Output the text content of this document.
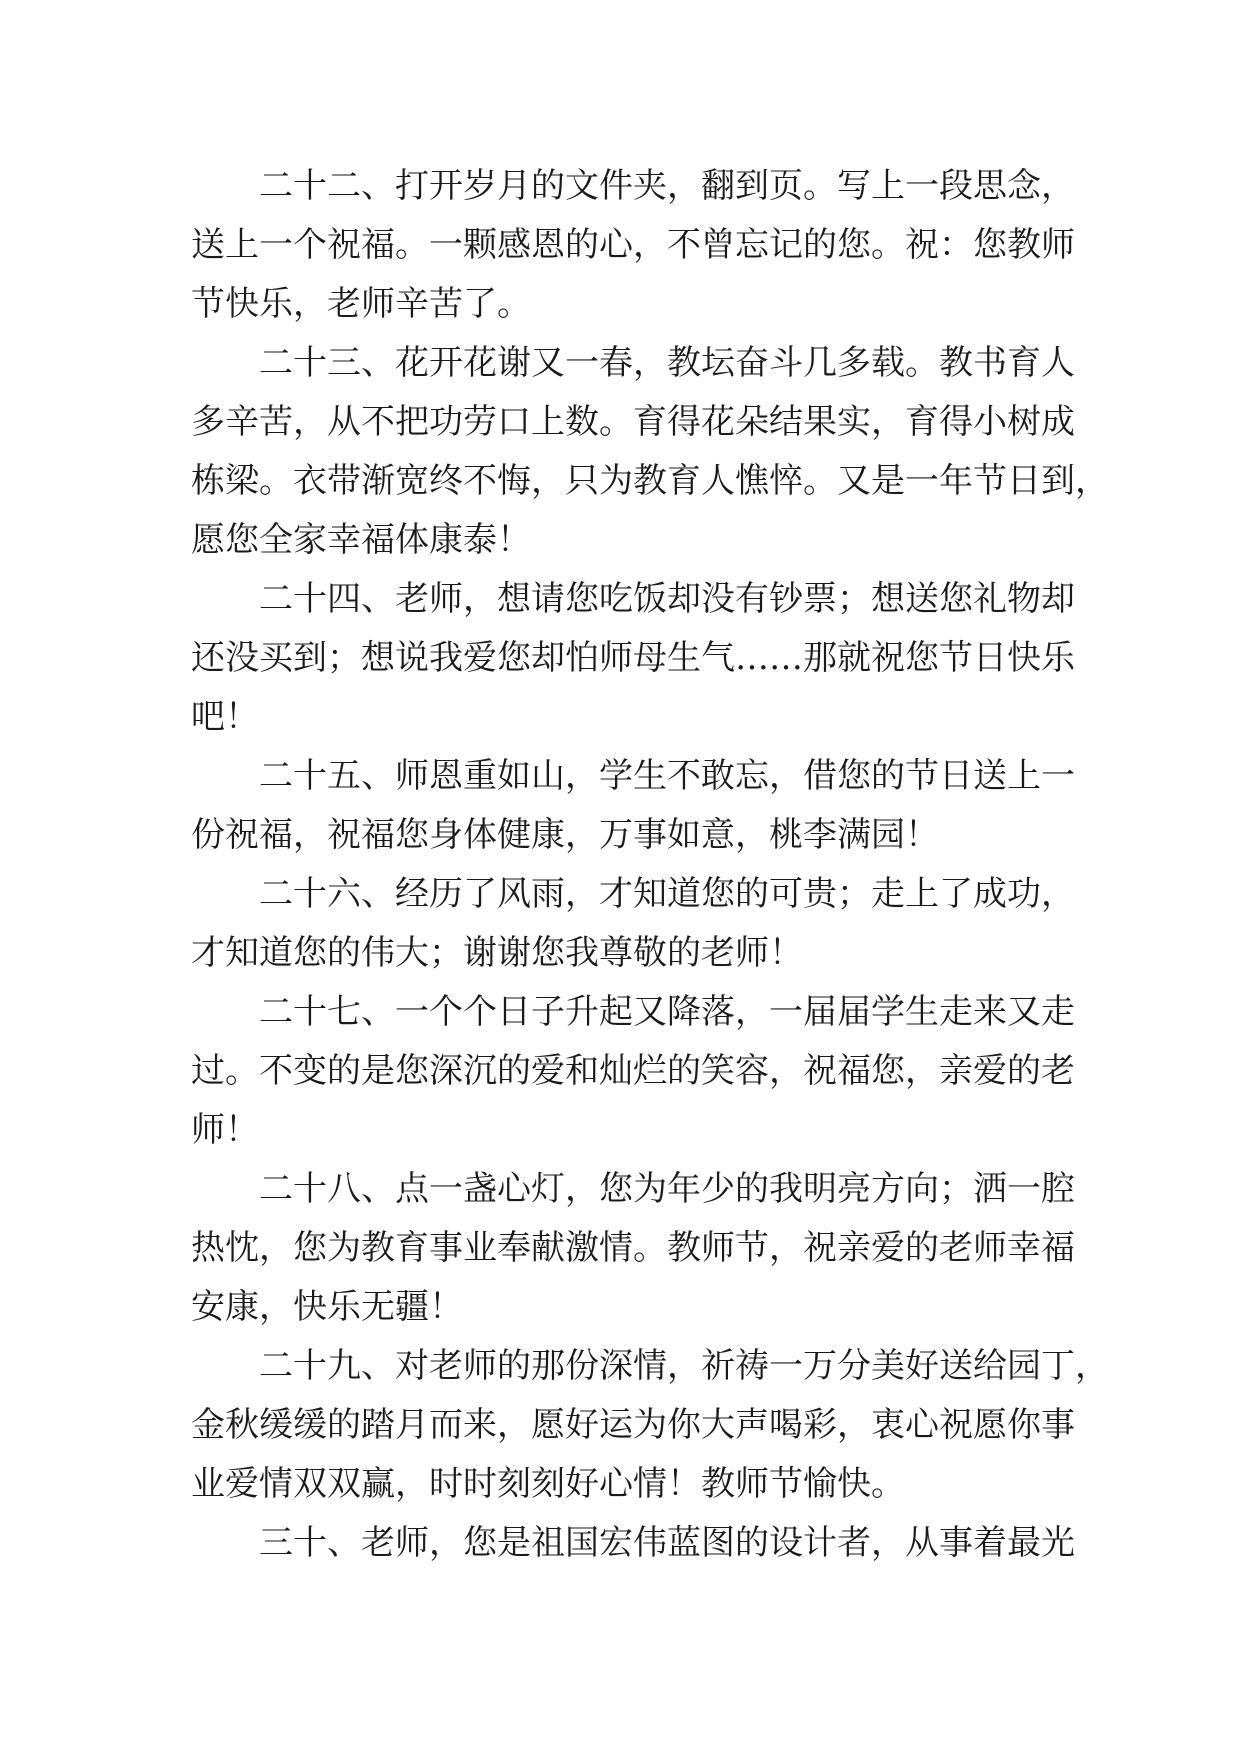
二十二、打开岁月的文件夹，翻到页。写上一段思念，
送上一个祝福。一颗感恩的心，不曾忘记的您。祝：您教师
节快乐，老师辛苦了。

二十三、花开花谢又一春，教坛奋斗几多载。教书育人
多辛苦，从不把功劳口上数。育得花朵结果实，育得小树成
栋梁。衣带渐宽终不悔，只为教育人憔悴。又是一年节日到，
愿您全家幸福体康泰！

二十四、老师，想请您吃饭却没有钞票；想送您礼物却
还没买到；想说我爱您却怕师母生气……那就祝您节日快乐
吧！

二十五、师恩重如山，学生不敢忘，借您的节日送上一
份祝福，祝福您身体健康，万事如意，桃李满园！

二十六、经历了风雨，才知道您的可贵；走上了成功，
才知道您的伟大；谢谢您我尊敬的老师！

二十七、一个个日子升起又降落，一届届学生走来又走
过。不变的是您深沉的爱和灿烂的笑容，祝福您，亲爱的老
师！

二十八、点一盏心灯，您为年少的我明亮方向；洒一腔
热忱，您为教育事业奉献激情。教师节，祝亲爱的老师幸福
安康，快乐无疆！

二十九、对老师的那份深情，祈祷一万分美好送给园丁，
金秋缓缓的踏月而来，愿好运为你大声喝彩，衷心祝愿你事
业爱情双双赢，时时刻刻好心情！教师节愉快。

三十、老师，您是祖国宏伟蓝图的设计者，从事着最光
